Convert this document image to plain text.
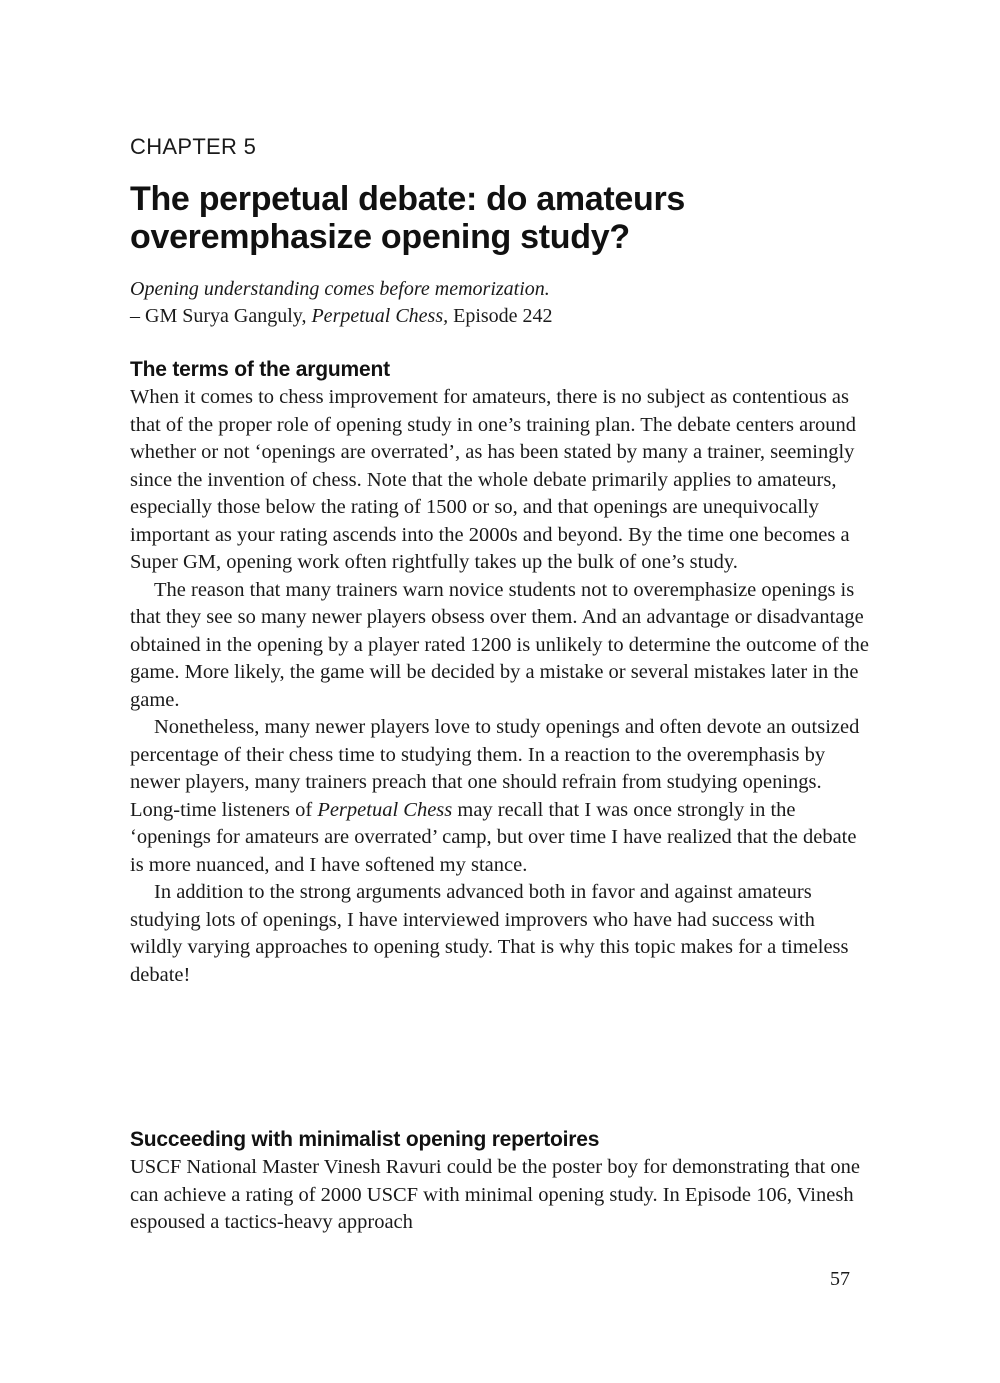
CHAPTER 5
The perpetual debate: do amateurs overemphasize opening study?
Opening understanding comes before memorization.
– GM Surya Ganguly, Perpetual Chess, Episode 242
The terms of the argument

When it comes to chess improvement for amateurs, there is no subject as contentious as that of the proper role of opening study in one’s training plan. The debate centers around whether or not ‘openings are overrated’, as has been stated by many a trainer, seemingly since the invention of chess. Note that the whole debate primarily applies to amateurs, especially those below the rating of 1500 or so, and that openings are unequivocally important as your rating ascends into the 2000s and beyond. By the time one becomes a Super GM, opening work often rightfully takes up the bulk of one’s study.

The reason that many trainers warn novice students not to overemphasize openings is that they see so many newer players obsess over them. And an advantage or disadvantage obtained in the opening by a player rated 1200 is unlikely to determine the outcome of the game. More likely, the game will be decided by a mistake or several mistakes later in the game.

Nonetheless, many newer players love to study openings and often devote an outsized percentage of their chess time to studying them. In a reaction to the overemphasis by newer players, many trainers preach that one should refrain from studying openings. Long-time listeners of Perpetual Chess may recall that I was once strongly in the ‘openings for amateurs are overrated’ camp, but over time I have realized that the debate is more nuanced, and I have softened my stance.

In addition to the strong arguments advanced both in favor and against amateurs studying lots of openings, I have interviewed improvers who have had success with wildly varying approaches to opening study. That is why this topic makes for a timeless debate!

Succeeding with minimalist opening repertoires

USCF National Master Vinesh Ravuri could be the poster boy for demonstrating that one can achieve a rating of 2000 USCF with minimal opening study. In Episode 106, Vinesh espoused a tactics-heavy approach

57
